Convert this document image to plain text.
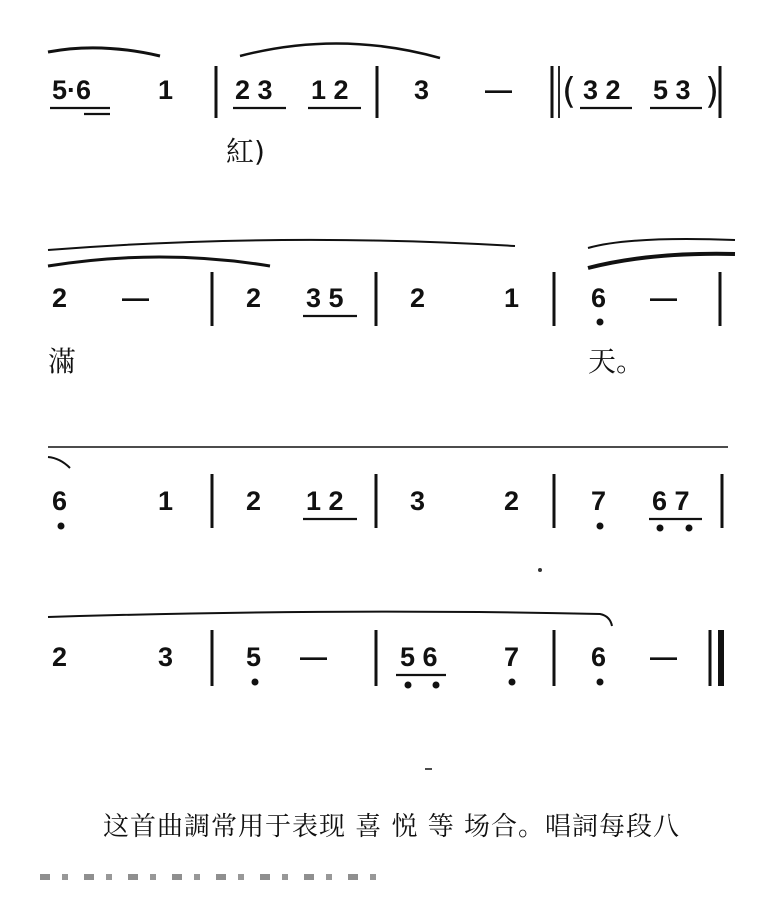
5·6 1 2 3 1 2 3 — ( 3 2 5 3 )
紅)
2 —	2 3 5 2	1	6 —
滿	天。
6	1	2 1 2 3	2	7 6 7
2	3	5 —	5 6 7	6 —
这首曲調常用于表现 喜 悦 等 场合。唱詞每段八
